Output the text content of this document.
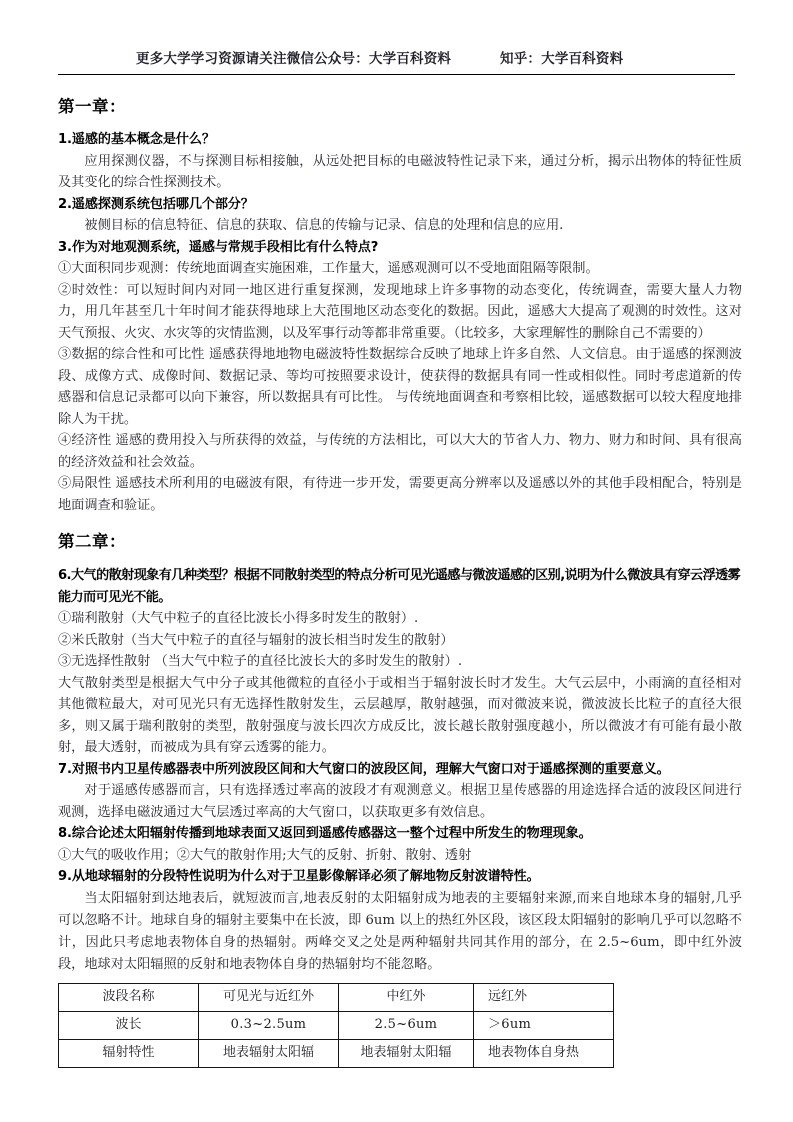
更多大学学习资源请关注微信公众号：大学百科资料	知乎：大学百科资料
第一章：

1.遥感的基本概念是什么？

应用探测仪器，不与探测目标相接触，从远处把目标的电磁波特性记录下来，通过分析，揭示出物体的特征性质及其变化的综合性探测技术。

2.遥感探测系统包括哪几个部分？

被侧目标的信息特征、信息的获取、信息的传输与记录、信息的处理和信息的应用.

3.作为对地观测系统，遥感与常规手段相比有什么特点?

①大面积同步观测：传统地面调查实施困难，工作量大，遥感观测可以不受地面阻隔等限制。

②时效性：可以短时间内对同一地区进行重复探测，发现地球上许多事物的动态变化，传统调查，需要大量人力物力，用几年甚至几十年时间才能获得地球上大范围地区动态变化的数据。因此，遥感大大提高了观测的时效性。这对天气预报、火灾、水灾等的灾情监测，以及军事行动等都非常重要。（比较多，大家理解性的删除自己不需要的）

③数据的综合性和可比性 遥感获得地地物电磁波特性数据综合反映了地球上许多自然、人文信息。由于遥感的探测波段、成像方式、成像时间、数据记录、等均可按照要求设计，使获得的数据具有同一性或相似性。同时考虑道新的传感器和信息记录都可以向下兼容，所以数据具有可比性。 与传统地面调查和考察相比较，遥感数据可以较大程度地排除人为干扰。

④经济性 遥感的费用投入与所获得的效益，与传统的方法相比，可以大大的节省人力、物力、财力和时间、具有很高的经济效益和社会效益。

⑤局限性 遥感技术所利用的电磁波有限，有待进一步开发，需要更高分辨率以及遥感以外的其他手段相配合，特别是地面调查和验证。

第二章：

6.大气的散射现象有几种类型？根据不同散射类型的特点分析可见光遥感与微波遥感的区别,说明为什么微波具有穿云浮透雾能力而可见光不能。

①瑞利散射（大气中粒子的直径比波长小得多时发生的散射）.

②米氏散射（当大气中粒子的直径与辐射的波长相当时发生的散射）

③无选择性散射 （当大气中粒子的直径比波长大的多时发生的散射）.

大气散射类型是根据大气中分子或其他微粒的直径小于或相当于辐射波长时才发生。大气云层中，小雨滴的直径相对其他微粒最大，对可见光只有无选择性散射发生，云层越厚，散射越强，而对微波来说，微波波长比粒子的直径大很多，则又属于瑞利散射的类型，散射强度与波长四次方成反比，波长越长散射强度越小，所以微波才有可能有最小散射，最大透射，而被成为具有穿云透雾的能力。

7.对照书内卫星传感器表中所列波段区间和大气窗口的波段区间，理解大气窗口对于遥感探测的重要意义。

对于遥感传感器而言，只有选择透过率高的波段才有观测意义。根据卫星传感器的用途选择合适的波段区间进行观测，选择电磁波通过大气层透过率高的大气窗口，以获取更多有效信息。

8.综合论述太阳辐射传播到地球表面又返回到遥感传感器这一整个过程中所发生的物理现象。

①大气的吸收作用；②大气的散射作用;大气的反射、折射、散射、透射

9.从地球辐射的分段特性说明为什么对于卫星影像解译必须了解地物反射波谱特性。

当太阳辐射到达地表后，就短波而言,地表反射的太阳辐射成为地表的主要辐射来源,而来自地球本身的辐射,几乎可以忽略不计。地球自身的辐射主要集中在长波，即 6um 以上的热红外区段，该区段太阳辐射的影响几乎可以忽略不计，因此只考虑地表物体自身的热辐射。两峰交叉之处是两种辐射共同其作用的部分，在 2.5~6um，即中红外波段，地球对太阳辐照的反射和地表物体自身的热辐射均不能忽略。

波段名称	可见光与近红外	中红外	远红外
波长	0.3~2.5um	2.5~6um	＞6um
辐射特性	地表辐射太阳辐	地表辐射太阳辐	地表物体自身热
